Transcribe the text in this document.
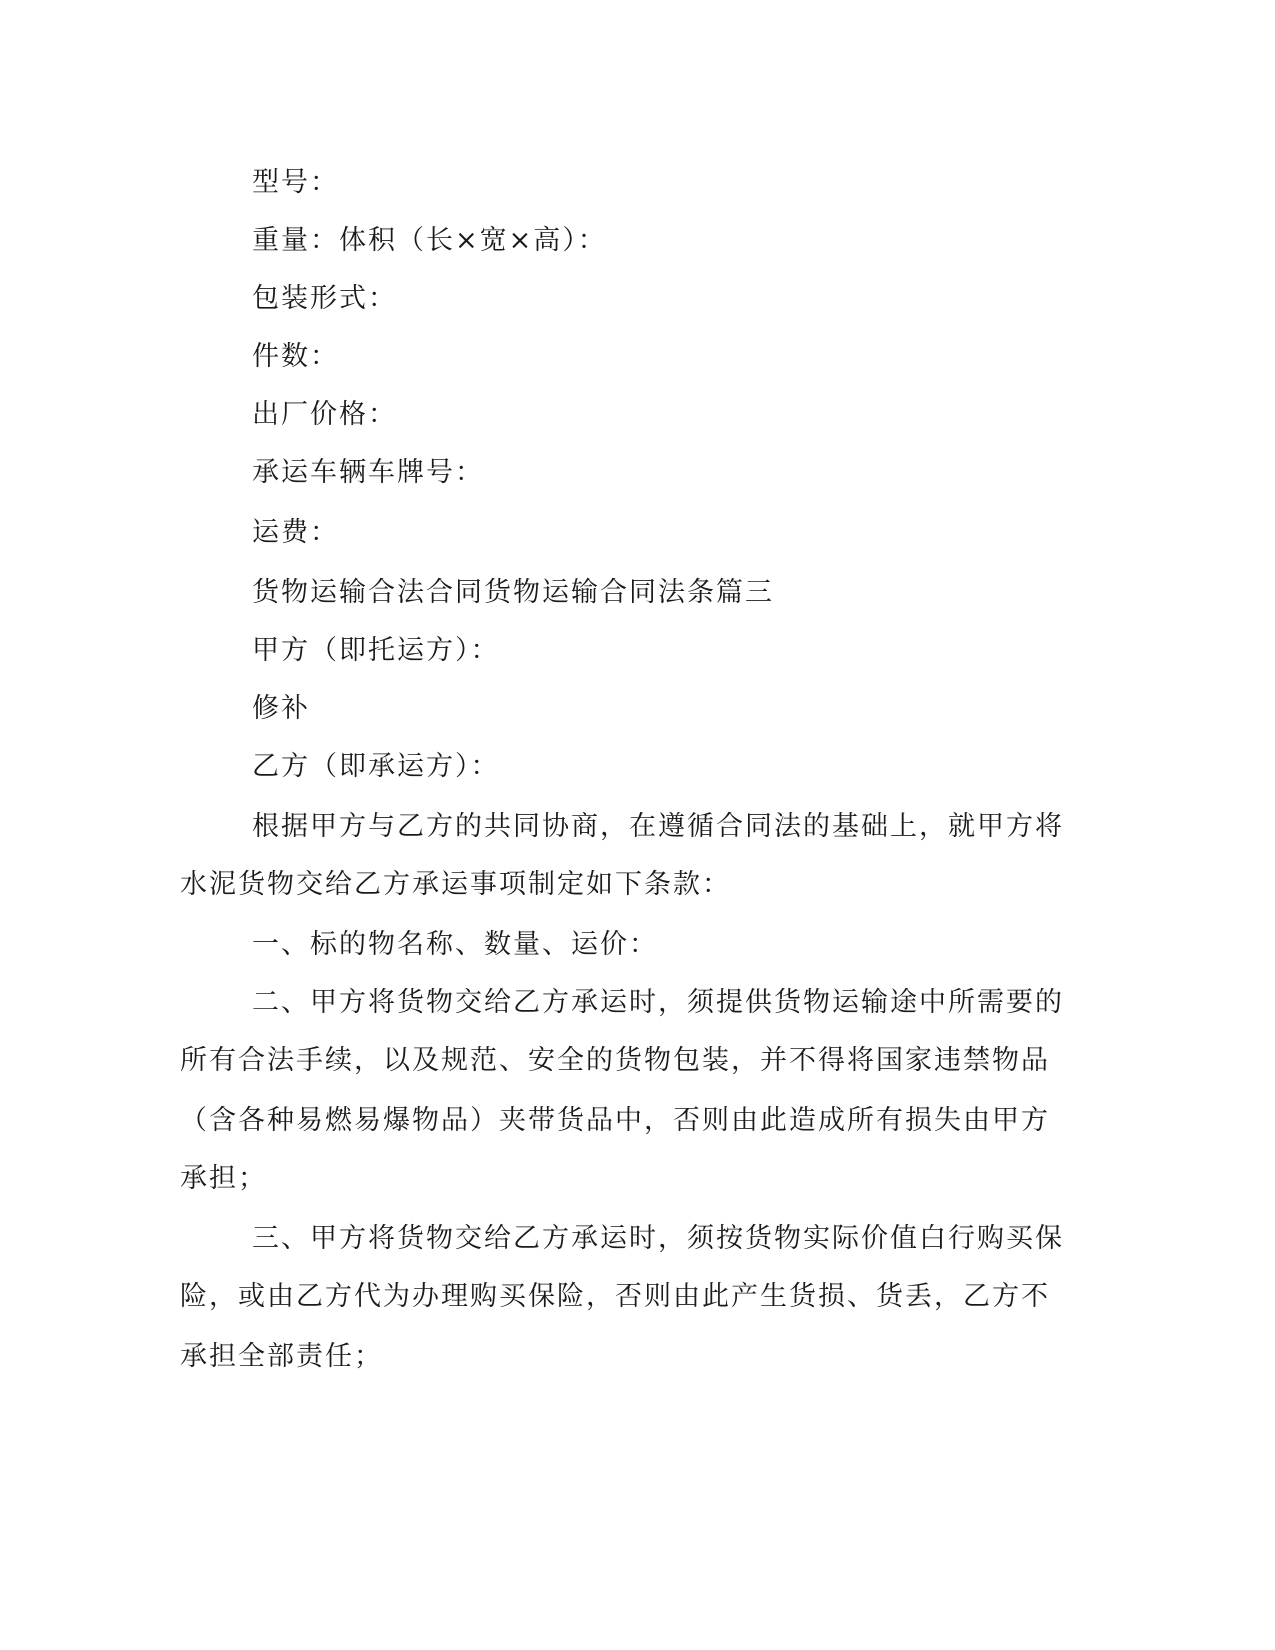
型号：
重量：体积（长×宽×高）：
包装形式：
件数：
出厂价格：
承运车辆车牌号：
运费：
货物运输合法合同货物运输合同法条篇三
甲方（即托运方）：
修补
乙方（即承运方）：
根据甲方与乙方的共同协商，在遵循合同法的基础上，就甲方将
水泥货物交给乙方承运事项制定如下条款：
一、标的物名称、数量、运价：
二、甲方将货物交给乙方承运时，须提供货物运输途中所需要的
所有合法手续，以及规范、安全的货物包装，并不得将国家违禁物品
（含各种易燃易爆物品）夹带货品中，否则由此造成所有损失由甲方
承担；
三、甲方将货物交给乙方承运时，须按货物实际价值白行购买保
险，或由乙方代为办理购买保险，否则由此产生货损、货丢，乙方不
承担全部责任；
